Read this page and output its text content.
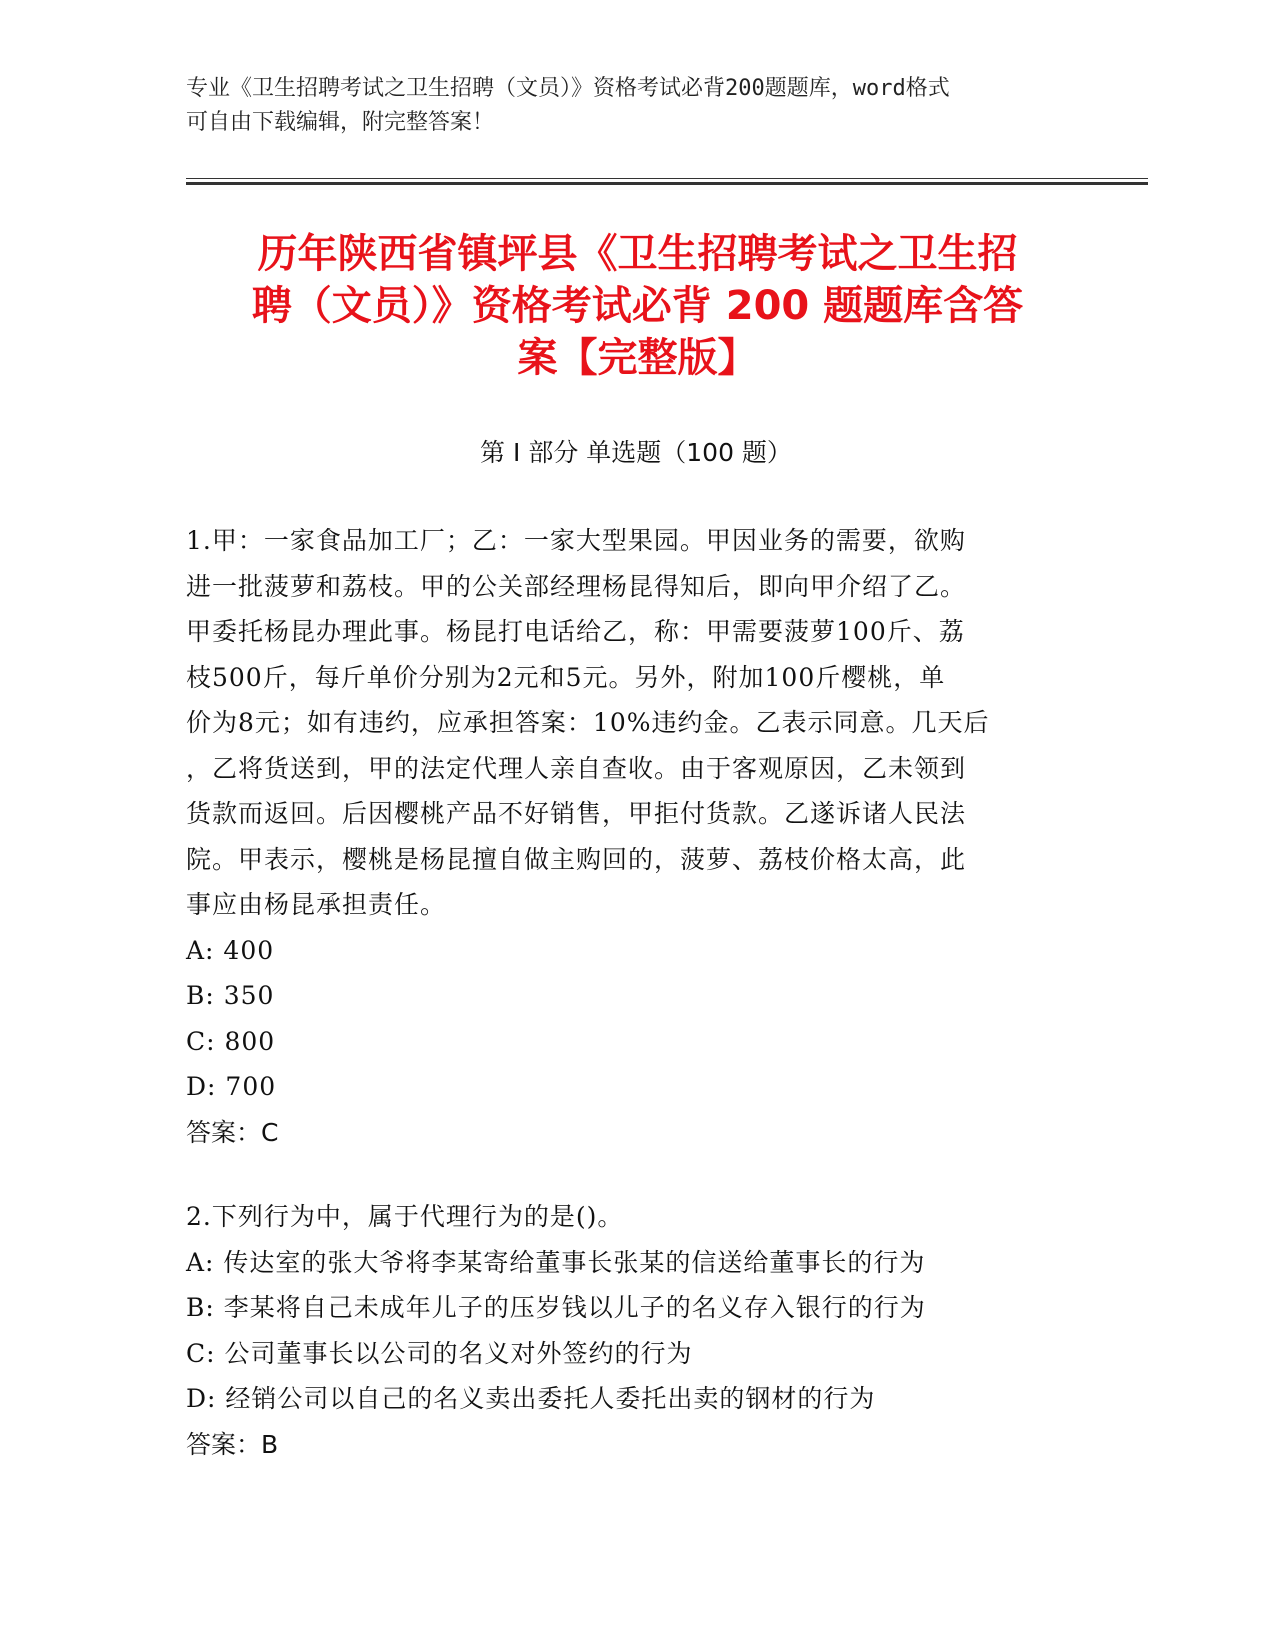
专业《卫生招聘考试之卫生招聘（文员）》资格考试必背200题题库，word格式
可自由下载编辑，附完整答案！
历年陕西省镇坪县《卫生招聘考试之卫生招
聘（文员）》资格考试必背 200 题题库含答
案【完整版】
第 I 部分 单选题（100 题）

1.甲：一家食品加工厂；乙：一家大型果园。甲因业务的需要，欲购

进一批菠萝和荔枝。甲的公关部经理杨昆得知后，即向甲介绍了乙。

甲委托杨昆办理此事。杨昆打电话给乙，称：甲需要菠萝100斤、荔

枝500斤，每斤单价分别为2元和5元。另外，附加100斤樱桃，单

价为8元；如有违约，应承担答案：10%违约金。乙表示同意。几天后

，乙将货送到，甲的法定代理人亲自查收。由于客观原因，乙未领到

货款而返回。后因樱桃产品不好销售，甲拒付货款。乙遂诉诸人民法

院。甲表示，樱桃是杨昆擅自做主购回的，菠萝、荔枝价格太高，此

事应由杨昆承担责任。

A: 400

B: 350

C: 800

D: 700

答案：C

2.下列行为中，属于代理行为的是()。

A: 传达室的张大爷将李某寄给董事长张某的信送给董事长的行为

B: 李某将自己未成年儿子的压岁钱以儿子的名义存入银行的行为

C: 公司董事长以公司的名义对外签约的行为

D: 经销公司以自己的名义卖出委托人委托出卖的钢材的行为

答案：B
